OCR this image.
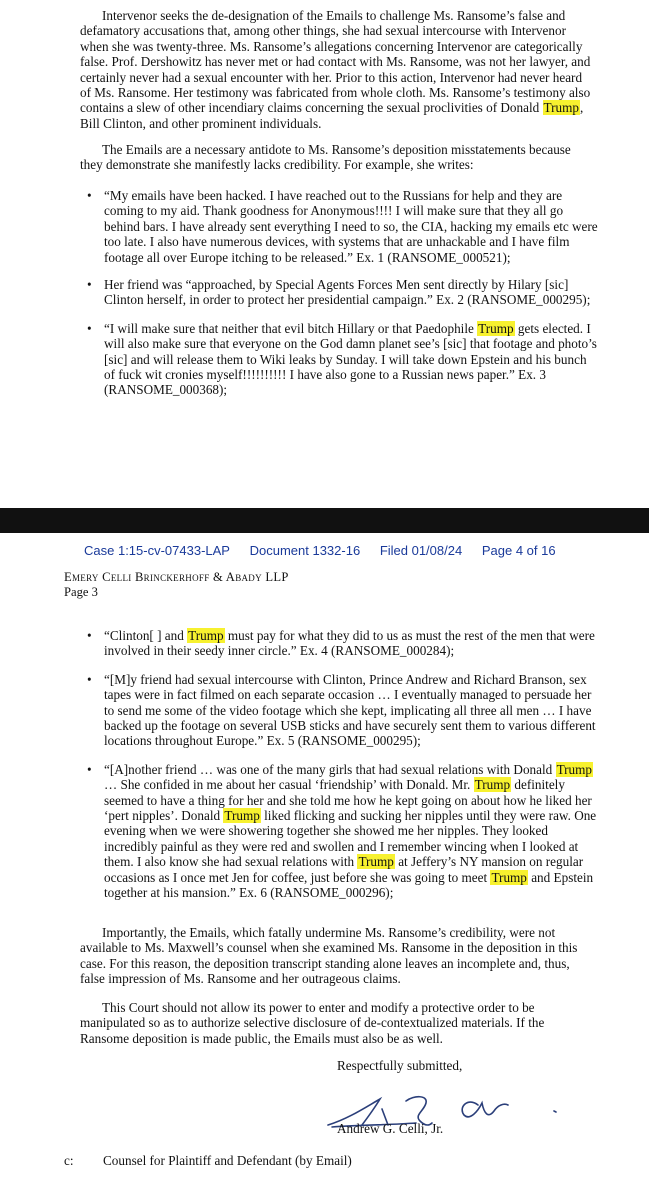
Intervenor seeks the de-designation of the Emails to challenge Ms. Ransome’s false and defamatory accusations that, among other things, she had sexual intercourse with Intervenor when she was twenty-three. Ms. Ransome’s allegations concerning Intervenor are categorically false. Prof. Dershowitz has never met or had contact with Ms. Ransome, was not her lawyer, and certainly never had a sexual encounter with her. Prior to this action, Intervenor had never heard of Ms. Ransome. Her testimony was fabricated from whole cloth. Ms. Ransome’s testimony also contains a slew of other incendiary claims concerning the sexual proclivities of Donald Trump, Bill Clinton, and other prominent individuals.

The Emails are a necessary antidote to Ms. Ransome’s deposition misstatements because they demonstrate she manifestly lacks credibility. For example, she writes:

• “My emails have been hacked. I have reached out to the Russians for help and they are coming to my aid. Thank goodness for Anonymous!!!! I will make sure that they all go behind bars. I have already sent everything I need to so, the CIA, hacking my emails etc were too late. I also have numerous devices, with systems that are unhackable and I have film footage all over Europe itching to be released.” Ex. 1 (RANSOME_000521);
• Her friend was “approached, by Special Agents Forces Men sent directly by Hilary [sic] Clinton herself, in order to protect her presidential campaign.” Ex. 2 (RANSOME_000295);
• “I will make sure that neither that evil bitch Hillary or that Paedophile Trump gets elected. I will also make sure that everyone on the God damn planet see’s [sic] that footage and photo’s [sic] and will release them to Wiki leaks by Sunday. I will take down Epstein and his bunch of fuck wit cronies myself!!!!!!!!!! I have also gone to a Russian news paper.” Ex. 3 (RANSOME_000368);
Case 1:15-cv-07433-LAP Document 1332-16 Filed 01/08/24 Page 4 of 16
Emery Celli Brinckerhoff & Abady LLP
Page 3
• “Clinton[ ] and Trump must pay for what they did to us as must the rest of the men that were involved in their seedy inner circle.” Ex. 4 (RANSOME_000284);
• “[M]y friend had sexual intercourse with Clinton, Prince Andrew and Richard Branson, sex tapes were in fact filmed on each separate occasion … I eventually managed to persuade her to send me some of the video footage which she kept, implicating all three all men … I have backed up the footage on several USB sticks and have securely sent them to various different locations throughout Europe.” Ex. 5 (RANSOME_000295);
• “[A]nother friend … was one of the many girls that had sexual relations with Donald Trump … She confided in me about her casual ‘friendship’ with Donald. Mr. Trump definitely seemed to have a thing for her and she told me how he kept going on about how he liked her ‘pert nipples’. Donald Trump liked flicking and sucking her nipples until they were raw. One evening when we were showering together she showed me her nipples. They looked incredibly painful as they were red and swollen and I remember wincing when I looked at them. I also know she had sexual relations with Trump at Jeffery’s NY mansion on regular occasions as I once met Jen for coffee, just before she was going to meet Trump and Epstein together at his mansion.” Ex. 6 (RANSOME_000296);

Importantly, the Emails, which fatally undermine Ms. Ransome’s credibility, were not available to Ms. Maxwell’s counsel when she examined Ms. Ransome in the deposition in this case. For this reason, the deposition transcript standing alone leaves an incomplete and, thus, false impression of Ms. Ransome and her outrageous claims.

This Court should not allow its power to enter and modify a protective order to be manipulated so as to authorize selective disclosure of de-contextualized materials. If the Ransome deposition is made public, the Emails must also be as well.

Respectfully submitted,
Andrew G. Celli, Jr.
c: Counsel for Plaintiff and Defendant (by Email)
